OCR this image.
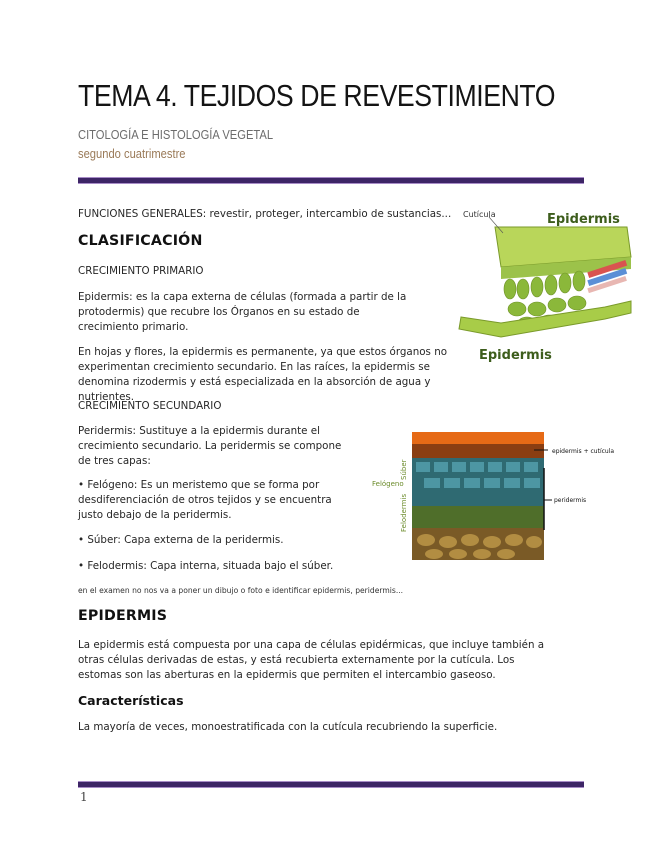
TEMA 4. TEJIDOS DE REVESTIMIENTO
CITOLOGÍA E HISTOLOGÍA VEGETAL
segundo cuatrimestre
FUNCIONES GENERALES: revestir, proteger, intercambio de sustancias...
CLASIFICACIÓN
CRECIMIENTO PRIMARIO
Epidermis: es la capa externa de células (formada a partir de la protodermis) que recubre los Órganos en su estado de crecimiento primario.
En hojas y flores, la epidermis es permanente, ya que estos órganos no experimentan crecimiento secundario. En las raíces, la epidermis se denomina rizodermis y está especializada en la absorción de agua y nutrientes.
CRECIMIENTO SECUNDARIO
Peridermis: Sustituye a la epidermis durante el crecimiento secundario. La peridermis se compone de tres capas:
• Felógeno: Es un meristemo que se forma por desdiferenciación de otros tejidos y se encuentra justo debajo de la peridermis.
• Súber: Capa externa de la peridermis.
• Felodermis: Capa interna, situada bajo el súber.
en el examen no nos va a poner un dibujo o foto e identificar epidermis, peridermis...
EPIDERMIS
La epidermis está compuesta por una capa de células epidérmicas, que incluye también a otras células derivadas de estas, y está recubierta externamente por la cutícula. Los estomas son las aberturas en la epidermis que permiten el intercambio gaseoso.
Características
La mayoría de veces, monoestratificada con la cutícula recubriendo la superficie.
1
Cutícula	Epidermis
Epidermis
epidermis + cutícula
peridermis
Súber
Felógeno
Felodermis
